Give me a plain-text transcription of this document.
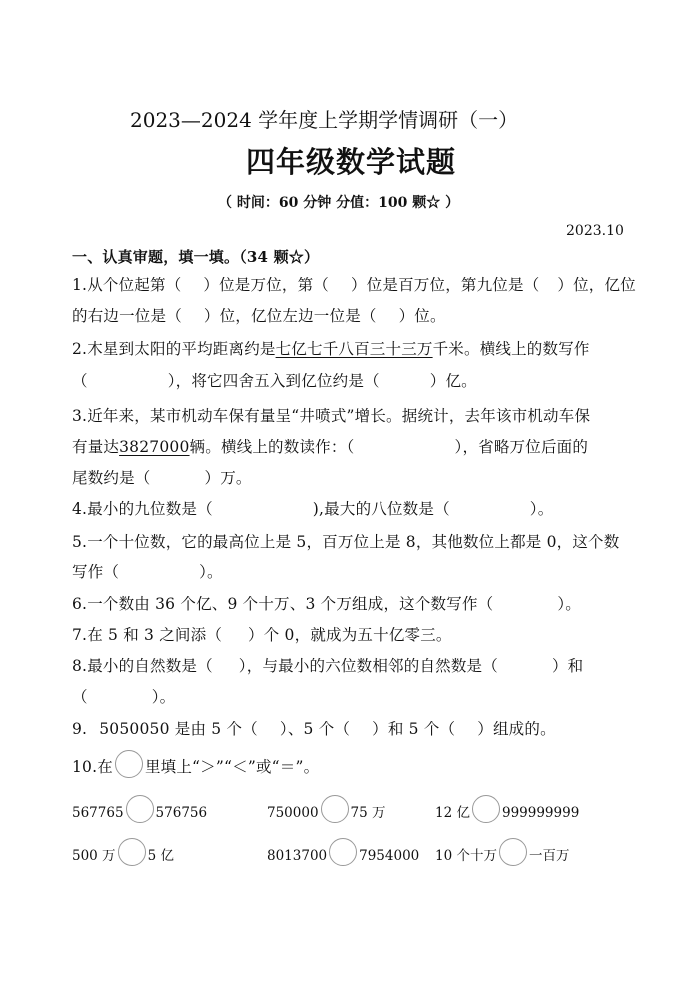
2023—2024 学年度上学期学情调研（一）
四年级数学试题
（ 时间：60 分钟 分值：100 颗☆ ）
2023.10
一、认真审题，填一填。（34 颗☆）
1.从个位起第（ ）位是万位，第（ ）位是百万位，第九位是（ ）位，亿位
的右边一位是（ ）位，亿位左边一位是（ ）位。
2.木星到太阳的平均距离约是七亿七千八百三十三万千米。横线上的数写作
（	），将它四舍五入到亿位约是（	）亿。
3.近年来，某市机动车保有量呈“井喷式”增长。据统计，去年该市机动车保
有量达3827000辆。横线上的数读作：（	），省略万位后面的
尾数约是（	）万。
4.最小的九位数是（	),最大的八位数是（	）。
5.一个十位数，它的最高位上是 5，百万位上是 8，其他数位上都是 0，这个数
写作（	）。
6.一个数由 36 个亿、9 个十万、3 个万组成，这个数写作（	）。
7.在 5 和 3 之间添（ ）个 0，就成为五十亿零三。
8.最小的自然数是（ ），与最小的六位数相邻的自然数是（	）和
（	）。
9. 5050050 是由 5 个（ ）、5 个（ ）和 5 个（ ）组成的。
10.在 里填上“＞”“＜”或“＝”。
567765 576756	750000 75 万	12 亿 999999999
500 万 5 亿	8013700 7954000 10 个十万 一百万
